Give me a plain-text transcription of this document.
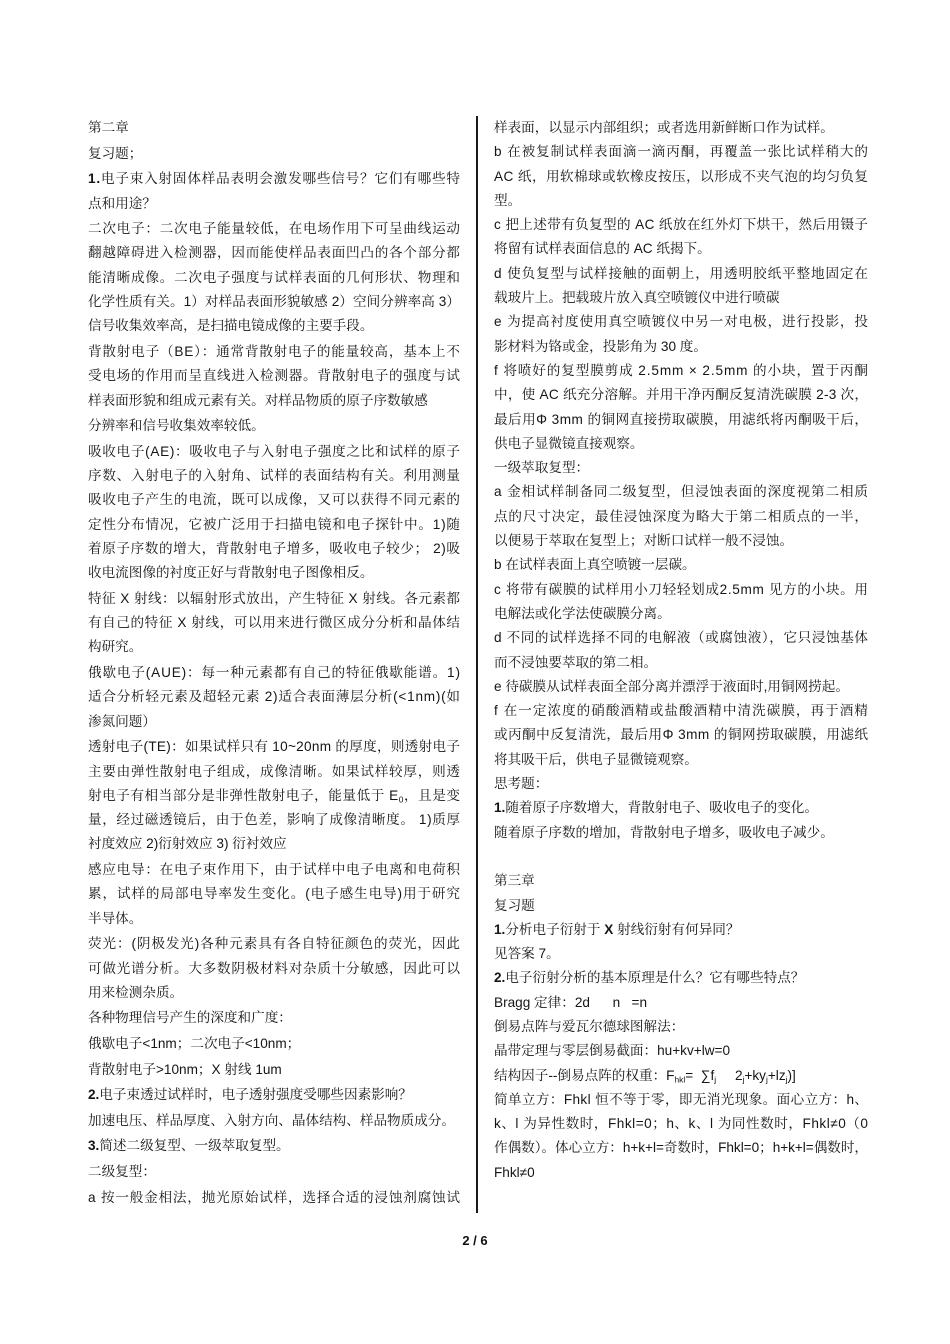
第二章
复习题；
1.电子束入射固体样品表明会激发哪些信号？它们有哪些特
点和用途？
二次电子：二次电子能量较低，在电场作用下可呈曲线运动
翻越障碍进入检测器，因而能使样品表面凹凸的各个部分都
能清晰成像。二次电子强度与试样表面的几何形状、物理和
化学性质有关。1）对样品表面形貌敏感 2）空间分辨率高 3）
信号收集效率高，是扫描电镜成像的主要手段。
背散射电子（BE）：通常背散射电子的能量较高，基本上不
受电场的作用而呈直线进入检测器。背散射电子的强度与试
样表面形貌和组成元素有关。对样品物质的原子序数敏感
分辨率和信号收集效率较低。
吸收电子(AE)：吸收电子与入射电子强度之比和试样的原子
序数、入射电子的入射角、试样的表面结构有关。利用测量
吸收电子产生的电流，既可以成像，又可以获得不同元素的
定性分布情况，它被广泛用于扫描电镜和电子探针中。1)随
着原子序数的增大，背散射电子增多，吸收电子较少； 2)吸
收电流图像的衬度正好与背散射电子图像相反。
特征 X 射线：以辐射形式放出，产生特征 X 射线。各元素都
有自己的特征 X 射线，可以用来进行微区成分分析和晶体结
构研究。
俄歇电子(AUE)：每一种元素都有自己的特征俄歇能谱。1)
适合分析轻元素及超轻元素 2)适合表面薄层分析(<1nm)(如
渗氮问题）
透射电子(TE)：如果试样只有 10~20nm 的厚度，则透射电子
主要由弹性散射电子组成，成像清晰。如果试样较厚，则透
射电子有相当部分是非弹性散射电子，能量低于 $E_0$，且是变
量，经过磁透镜后，由于色差，影响了成像清晰度。 1)质厚
衬度效应 2)衍射效应 3) 衍衬效应
感应电导：在电子束作用下，由于试样中电子电离和电荷积
累，试样的局部电导率发生变化。(电子感生电导)用于研究
半导体。
荧光：(阴极发光)各种元素具有各自特征颜色的荧光，因此
可做光谱分析。大多数阴极材料对杂质十分敏感，因此可以
用来检测杂质。
各种物理信号产生的深度和广度：
俄歇电子<1nm；二次电子<10nm；
背散射电子>10nm；X 射线 1um
2.电子束透过试样时，电子透射强度受哪些因素影响？
加速电压、样品厚度、入射方向、晶体结构、样品物质成分。
3.简述二级复型、一级萃取复型。
二级复型：
a 按一般金相法，抛光原始试样，选择合适的浸蚀剂腐蚀试
样表面，以显示内部组织；或者选用新鲜断口作为试样。
b 在被复制试样表面滴一滴丙酮，再覆盖一张比试样稍大的
AC 纸，用软棉球或软橡皮按压，以形成不夹气泡的均匀负复
型。
c 把上述带有负复型的 AC 纸放在红外灯下烘干，然后用镊子
将留有试样表面信息的 AC 纸揭下。
d 使负复型与试样接触的面朝上，用透明胶纸平整地固定在
载玻片上。把载玻片放入真空喷镀仪中进行喷碳
e 为提高衬度使用真空喷镀仪中另一对电极，进行投影，投
影材料为铬或金，投影角为 30 度。
f 将喷好的复型膜剪成 2.5mm × 2.5mm 的小块，置于丙酮
中，使 AC 纸充分溶解。并用干净丙酮反复清洗碳膜 2-3 次，
最后用Φ 3mm 的铜网直接捞取碳膜，用滤纸将丙酮吸干后，
供电子显微镜直接观察。
一级萃取复型：
a 金相试样制备同二级复型，但浸蚀表面的深度视第二相质
点的尺寸决定，最佳浸蚀深度为略大于第二相质点的一半，
以便易于萃取在复型上；对断口试样一般不浸蚀。
b 在试样表面上真空喷镀一层碳。
c 将带有碳膜的试样用小刀轻轻划成2.5mm 见方的小块。用
电解法或化学法使碳膜分离。
d 不同的试样选择不同的电解液（或腐蚀液），它只浸蚀基体
而不浸蚀要萃取的第二相。
e 待碳膜从试样表面全部分离并漂浮于液面时,用铜网捞起。
f 在一定浓度的硝酸酒精或盐酸酒精中清洗碳膜，再于酒精
或丙酮中反复清洗，最后用Φ 3mm 的铜网捞取碳膜，用滤纸
将其吸干后，供电子显微镜观察。
思考题：
1.随着原子序数增大，背散射电子、吸收电子的变化。
随着原子序数的增加，背散射电子增多，吸收电子减少。
第三章
复习题
1.分析电子衍射于 X 射线衍射有何异同？
见答案 7。
2.电子衍射分析的基本原理是什么？它有哪些特点？
Bragg 定律：2d      n   =n
倒易点阵与爱瓦尔德球图解法：
晶带定理与零层倒易截面：hu+kv+lw=0
结构因子--倒易点阵的权重：$F_{hkl}= \sum f_j$     $2_j+ky_j+lz_j$)]
简单立方：Fhkl 恒不等于零，即无消光现象。面心立方：h、
k、l 为异性数时，Fhkl=0；h、k、l 为同性数时，Fhkl≠0（0
作偶数）。体心立方：h+k+l=奇数时，Fhkl=0；h+k+l=偶数时，
Fhkl≠0
2 / 6
